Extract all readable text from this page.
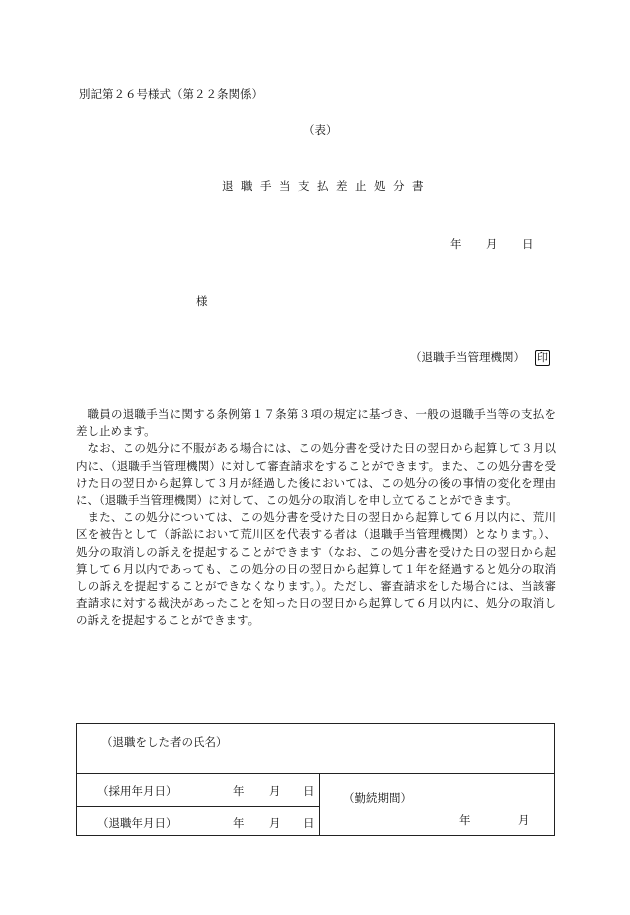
別記第２６号様式（第２２条関係）
（表）
退職手当支払差止処分書
年 月 日
様
（退職手当管理機関） 印

職員の退職手当に関する条例第１７条第３項の規定に基づき、一般の退職手当等の支払を差し止めます。

なお、この処分に不服がある場合には、この処分書を受けた日の翌日から起算して３月以内に、（退職手当管理機関）に対して審査請求をすることができます。また、この処分書を受けた日の翌日から起算して３月が経過した後においては、この処分の後の事情の変化を理由に、（退職手当管理機関）に対して、この処分の取消しを申し立てることができます。

また、この処分については、この処分書を受けた日の翌日から起算して６月以内に、荒川区を被告として（訴訟において荒川区を代表する者は（退職手当管理機関）となります。）、処分の取消しの訴えを提起することができます（なお、この処分書を受けた日の翌日から起算して６月以内であっても、この処分の日の翌日から起算して１年を経過すると処分の取消しの訴えを提起することができなくなります。）。ただし、審査請求をした場合には、当該審査請求に対する裁決があったことを知った日の翌日から起算して６月以内に、処分の取消しの訴えを提起することができます。

（退職をした者の氏名）
（採用年月日）	年 月 日
（退職年月日）	年 月 日
（勤続期間）
年	月
